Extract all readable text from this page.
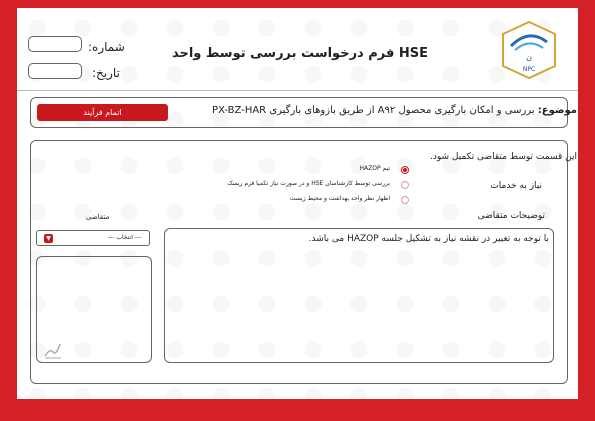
ن
NPC
فرم درخواست بررسی توسط واحد HSE
شماره:
تاریخ:
اتمام فرآیند	موضوع: بررسی و امکان بارگیری محصول A۹۲ از طریق بازوهای بارگیری PX-BZ-HAR
این قسمت توسط متقاضی تکمیل شود.
نیاز به خدمات
تیم HAZOP
بررسی توسط کارشناسان HSE و در صورت نیاز تکمیا فرم ریسک
اظهار نظر واحد بهداشت و محیط زیست
توضیحات متقاضی
با توجه به تغییر در نقشه نیاز به تشکیل جلسه HAZOP می باشد.
متقاضی
▼	--- انتخاب ---
